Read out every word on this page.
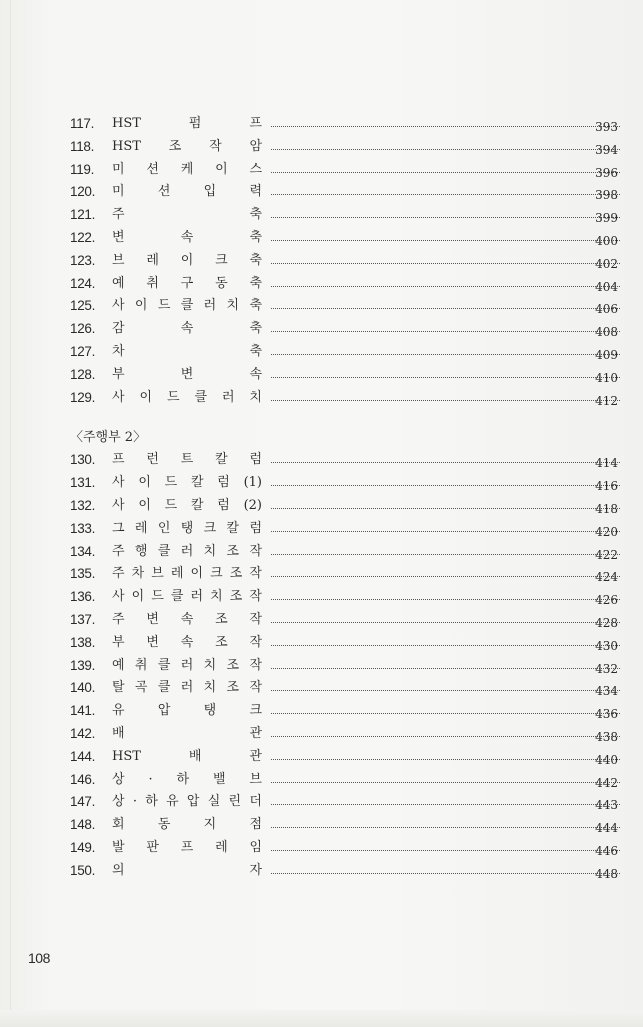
117.	HST	펌	프	393
118.	HST 조 작 암	394
119.	미 션 케 이 스	396
120.	미	션	입	력	398
121.	주	축	399
122.	변	속	축	400
123.	브 레 이 크 축	402
124.	예 취 구 동 축	404
125.	사 이 드 클 러 치 축	406
126.	감	속	축	408
127.	차	축	409
128.	부	변	속	410
129.	사 이 드 클 러 치	412
〈주행부 2〉
130.	프 런 트 칼 럼	414
131.	사 이 드 칼 럼 (1)	416
132.	사 이 드 칼 럼 (2)	418
133.	그 레 인 탱 크 칼 럼	420
134.	주 행 클 러 치 조 작	422
135.	주 차 브 레 이 크 조 작	424
136.	사 이 드 클 러 치 조 작	426
137.	주 변 속 조 작	428
138.	부 변 속 조 작	430
139.	예 취 클 러 치 조 작	432
140.	탈 곡 클 러 치 조 작	434
141.	유	압	탱	크	436
142.	배	관	438
144.	HST	배	관	440
146.	상 · 하 밸 브	442
147.	상 · 하 유 압 실 린 더	443
148.	회	동	지	점	444
149.	발 판 프 레 임	446
150.	의	자	448
108
